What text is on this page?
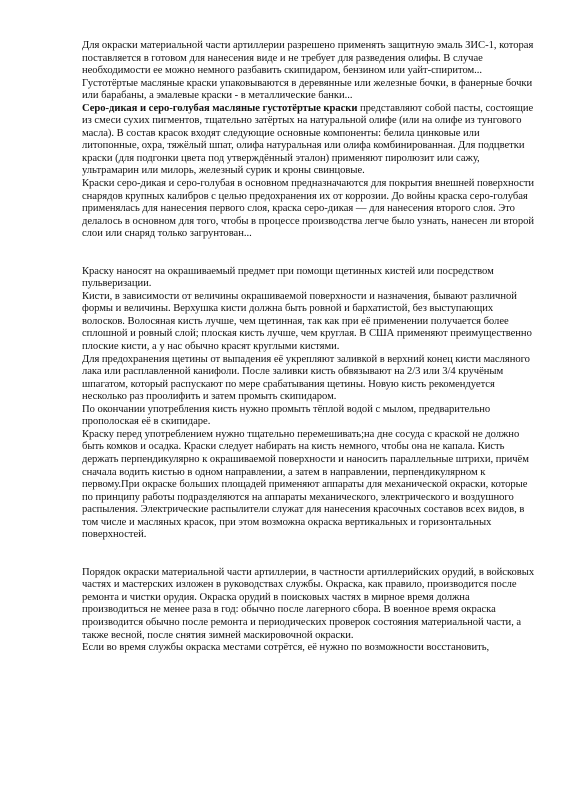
Для окраски материальной части артиллерии разрешено применять защитную эмаль ЗИС-1, которая поставляется в готовом для нанесения виде и не требует для разведения олифы. В случае необходимости ее можно немного разбавить скипидаром, бензином или уайт-спиритом...

Густотёртые масляные краски упаковываются в деревянные или железные бочки, в фанерные бочки или барабаны, а эмалевые краски - в металлические банки...

Серо-дикая и серо-голубая масляные густотёртые краски представляют собой пасты, состоящие из смеси сухих пигментов, тщательно затёртых на натуральной олифе (или на олифе из тунгового масла). В состав красок входят следующие основные компоненты: белила цинковые или литопонные, охра, тяжёлый шпат, олифа натуральная или олифа комбинированная. Для подцветки краски (для подгонки цвета под утверждённый эталон) применяют пиролюзит или сажу, ультрамарин или милорь, железный сурик и кроны свинцовые.

Краски серо-дикая и серо-голубая в основном предназначаются для покрытия внешней поверхности снарядов крупных калибров с целью предохранения их от коррозии. До войны краска серо-голубая применялась для нанесения первого слоя, краска серо-дикая — для нанесения второго слоя. Это делалось в основном для того, чтобы в процессе производства легче было узнать, нанесен ли второй слои или снаряд только загрунтован...

Краску наносят на окрашиваемый предмет при помощи щетинных кистей или посредством пульверизации.

Кисти, в зависимости от величины окрашиваемой поверхности и назначения, бывают различной формы и величины. Верхушка кисти должна быть ровной и бархатистой, без выступающих волосков. Волосяная кисть лучше, чем щетинная, так как при её применении получается более сплошной и ровный слой; плоская кисть лучше, чем круглая. В США применяют преимущественно плоские кисти, а у нас обычно красят круглыми кистями.

Для предохранения щетины от выпадения её укрепляют заливкой в верхний конец кисти масляного лака или расплавленной канифоли. После заливки кисть обвязывают на 2/3 или 3/4 кручёным шпагатом, который распускают по мере срабатывания щетины. Новую кисть рекомендуется несколько раз проолифить и затем промыть скипидаром.

По окончании употребления кисть нужно промыть тёплой водой с мылом, предварительно прополоская её в скипидаре.

Краску перед употреблением нужно тщательно перемешивать;на дне сосуда с краской не должно быть комков и осадка. Краски следует набирать на кисть немного, чтобы она не капала. Кисть держать перпендикулярно к окрашиваемой поверхности и наносить параллельные штрихи, причём сначала водить кистью в одном направлении, а затем в направлении, перпендикулярном к первому.При окраске больших площадей применяют аппараты для механической окраски, которые по принципу работы подразделяются на аппараты механического, электрического и воздушного распыления. Электрические распылители служат для нанесения красочных составов всех видов, в том числе и масляных красок, при этом возможна окраска вертикальных и горизонтальных поверхностей.

Порядок окраски материальной части артиллерии, в частности артиллерийских орудий, в войсковых частях и мастерских изложен в руководствах службы. Окраска, как правило, производится после ремонта и чистки орудия. Окраска орудий в поисковых частях в мирное время должна производиться не менее раза в год: обычно после лагерного сбора. В военное время окраска производится обычно после ремонта и периодических проверок состояния материальной части, а также весной, после снятия зимней маскировочной окраски.

Если во время службы окраска местами сотрётся, её нужно по возможности восстановить,
